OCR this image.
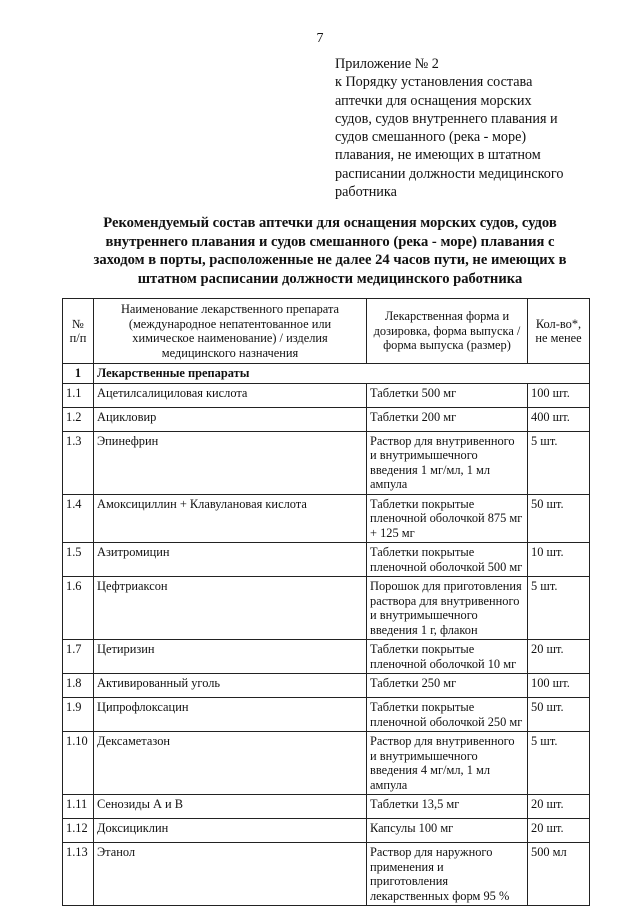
7
Приложение № 2
к Порядку установления состава
аптечки для оснащения морских
судов, судов внутреннего плавания и
судов смешанного (река - море)
плавания, не имеющих в штатном
расписании должности медицинского
работника
Рекомендуемый состав аптечки для оснащения морских судов, судов
внутреннего плавания и судов смешанного (река - море) плавания с
заходом в порты, расположенные не далее 24 часов пути, не имеющих в
штатном расписании должности медицинского работника
№ п/п	Наименование лекарственного препарата (международное непатентованное или химическое наименование) / изделия медицинского назначения	Лекарственная форма и дозировка, форма выпуска / форма выпуска (размер)	Кол-во*, не менее
1	Лекарственные препараты		
1.1	Ацетилсалициловая кислота	Таблетки 500 мг	100 шт.
1.2	Ацикловир	Таблетки 200 мг	400 шт.
1.3	Эпинефрин	Раствор для внутривенного и внутримышечного введения 1 мг/мл, 1 мл ампула	5 шт.
1.4	Амоксициллин + Клавулановая кислота	Таблетки покрытые пленочной оболочкой 875 мг + 125 мг	50 шт.
1.5	Азитромицин	Таблетки покрытые пленочной оболочкой 500 мг	10 шт.
1.6	Цефтриаксон	Порошок для приготовления раствора для внутривенного и внутримышечного введения 1 г, флакон	5 шт.
1.7	Цетиризин	Таблетки покрытые пленочной оболочкой 10 мг	20 шт.
1.8	Активированный уголь	Таблетки 250 мг	100 шт.
1.9	Ципрофлоксацин	Таблетки покрытые пленочной оболочкой 250 мг	50 шт.
1.10	Дексаметазон	Раствор для внутривенного и внутримышечного введения 4 мг/мл, 1 мл ампула	5 шт.
1.11	Сенозиды А и В	Таблетки 13,5 мг	20 шт.
1.12	Доксициклин	Капсулы 100 мг	20 шт.
1.13	Этанол	Раствор для наружного применения и приготовления лекарственных форм 95 %	500 мл
